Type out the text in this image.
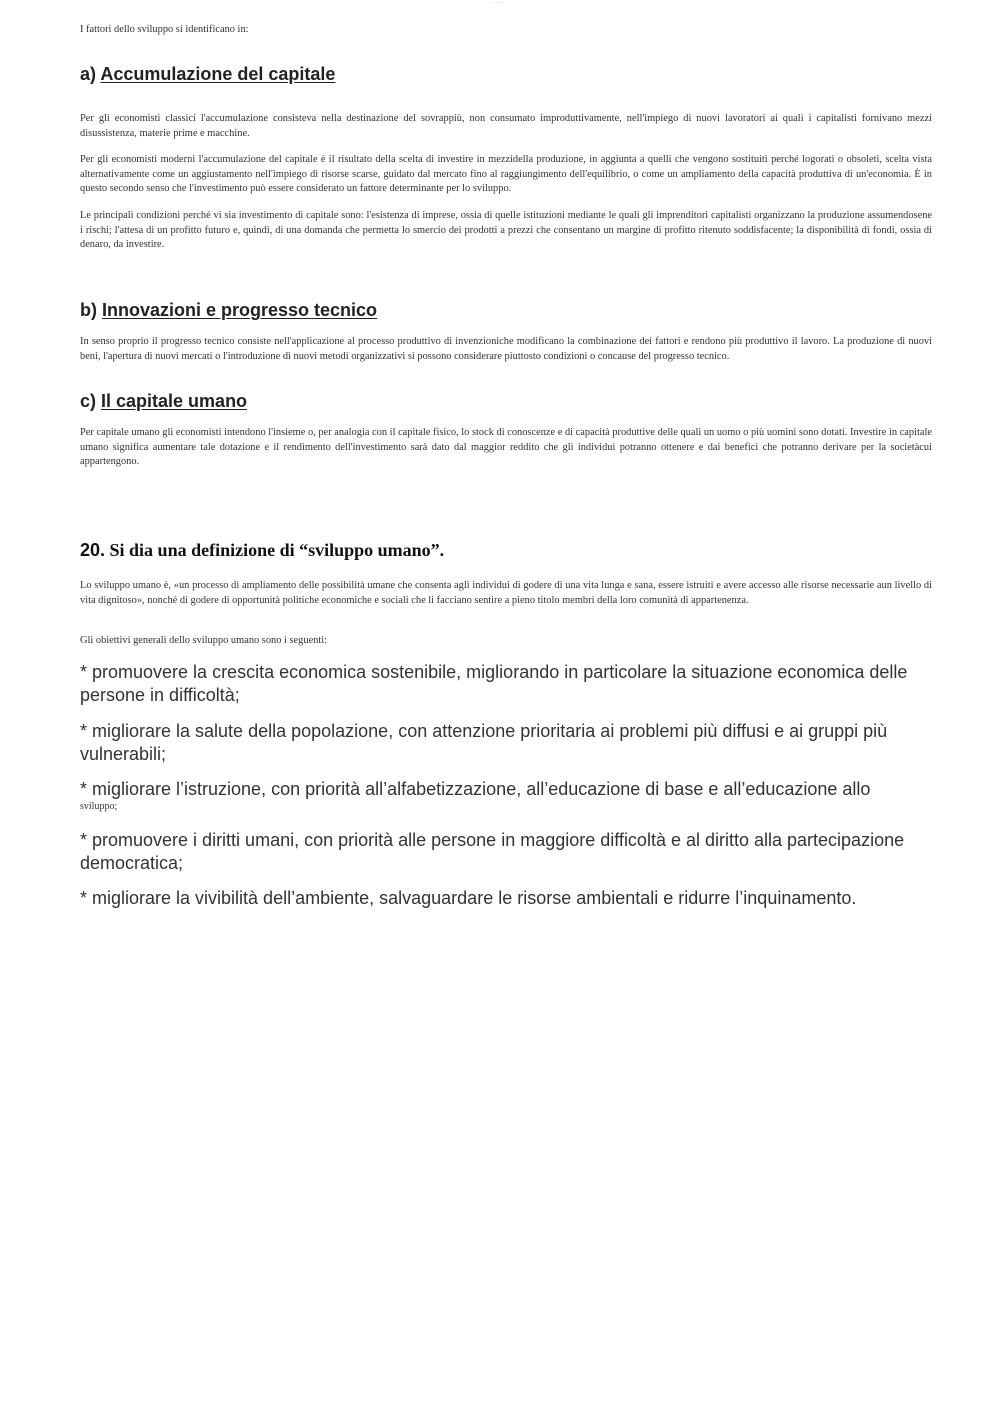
— — —

I fattori dello sviluppo si identificano in:

a) Accumulazione del capitale

Per gli economisti classici l'accumulazione consisteva nella destinazione del sovrappiù, non consumato improduttivamente, nell'impiego di nuovi lavoratori ai quali i capitalisti fornivano mezzi disussistenza, materie prime e macchine.

Per gli economisti moderni l'accumulazione del capitale è il risultato della scelta di investire in mezzidella produzione, in aggiunta a quelli che vengono sostituiti perché logorati o obsoleti, scelta vista alternativamente come un aggiustamento nell'impiego di risorse scarse, guidato dal mercato fino al raggiungimento dell'equilibrio, o come un ampliamento della capacità produttiva di un'economia. È in questo secondo senso che l'investimento può essere considerato un fattore determinante per lo sviluppo.

Le principali condizioni perché vi sia investimento di capitale sono: l'esistenza di imprese, ossia di quelle istituzioni mediante le quali gli imprenditori capitalisti organizzano la produzione assumendosene i rischi; l'attesa di un profitto futuro e, quindi, di una domanda che permetta lo smercio dei prodotti a prezzi che consentano un margine di profitto ritenuto soddisfacente; la disponibilità di fondi, ossia di denaro, da investire.

b) Innovazioni e progresso tecnico

In senso proprio il progresso tecnico consiste nell'applicazione al processo produttivo di invenzioniche modificano la combinazione dei fattori e rendono più produttivo il lavoro. La produzione di nuovi beni, l'apertura di nuovi mercati o l'introduzione di nuovi metodi organizzativi si possono considerare piuttosto condizioni o concause del progresso tecnico.

c) Il capitale umano

Per capitale umano gli economisti intendono l'insieme o, per analogia con il capitale fisico, lo stock di conoscenze e di capacità produttive delle quali un uomo o più uomini sono dotati. Investire in capitale umano significa aumentare tale dotazione e il rendimento dell'investimento sarà dato dal maggior reddito che gli individui potranno ottenere e dai benefici che potranno derivare per la societàcui appartengono.

20. Si dia una definizione di “sviluppo umano”.

Lo sviluppo umano è, «un processo di ampliamento delle possibilità umane che consenta agli individui di godere di una vita lunga e sana, essere istruiti e avere accesso alle risorse necessarie aun livello di vita dignitoso», nonché di godere di opportunità politiche economiche e sociali che li facciano sentire a pieno titolo membri della loro comunità di appartenenza.

Gli obiettivi generali dello sviluppo umano sono i seguenti:

* promuovere la crescita economica sostenibile, migliorando in particolare la situazione economica delle persone in difficoltà;

* migliorare la salute della popolazione, con attenzione prioritaria ai problemi più diffusi e ai gruppi più vulnerabili;

* migliorare l’istruzione, con priorità all’alfabetizzazione, all’educazione di base e all’educazione allo
sviluppo;

* promuovere i diritti umani, con priorità alle persone in maggiore difficoltà e al diritto alla partecipazione democratica;

* migliorare la vivibilità dell’ambiente, salvaguardare le risorse ambientali e ridurre l’inquinamento.
